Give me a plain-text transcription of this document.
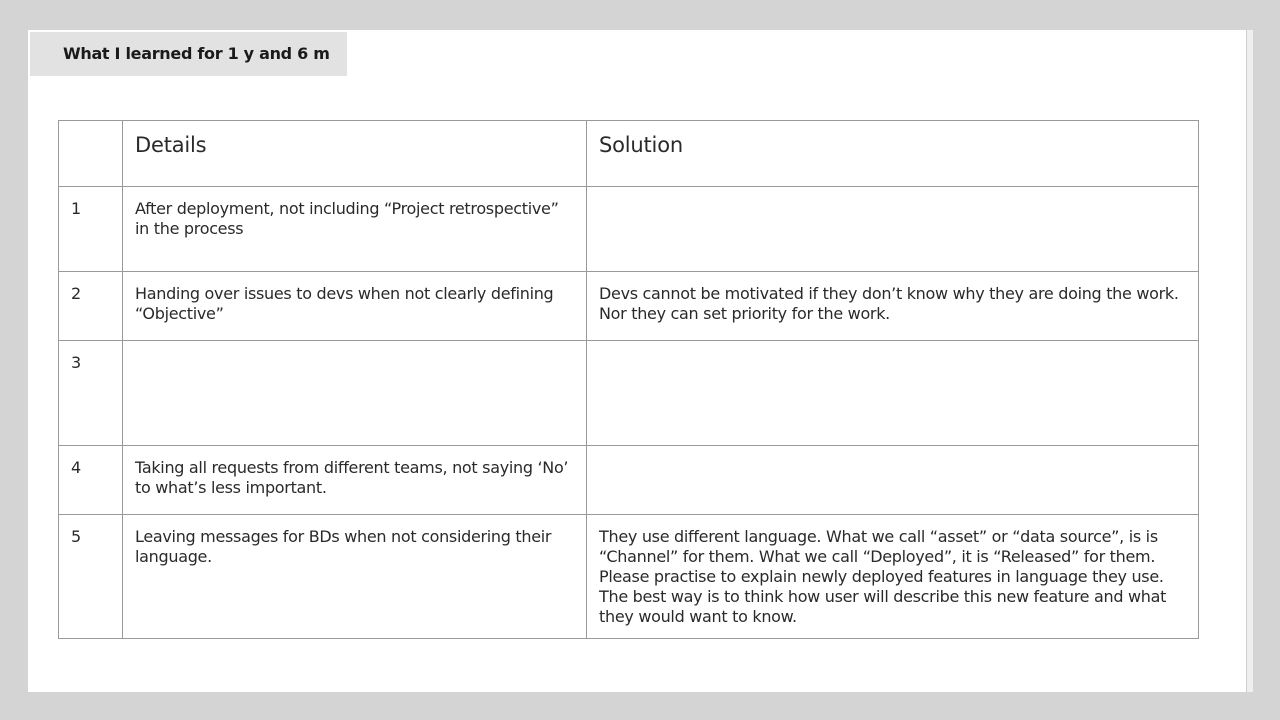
What I learned for 1 y and 6 m
	Details	Solution
1	After deployment, not including “Project retrospective” in the process	
2	Handing over issues to devs when not clearly defining “Objective”	Devs cannot be motivated if they don’t know why they are doing the work. Nor they can set priority for the work.
3		
4	Taking all requests from different teams, not saying ‘No’ to what’s less important.	
5	Leaving messages for BDs when not considering their language.	They use different language. What we call “asset” or “data source”, is is “Channel” for them. What we call “Deployed”, it is “Released” for them. Please practise to explain newly deployed features in language they use. The best way is to think how user will describe this new feature and what they would want to know.
